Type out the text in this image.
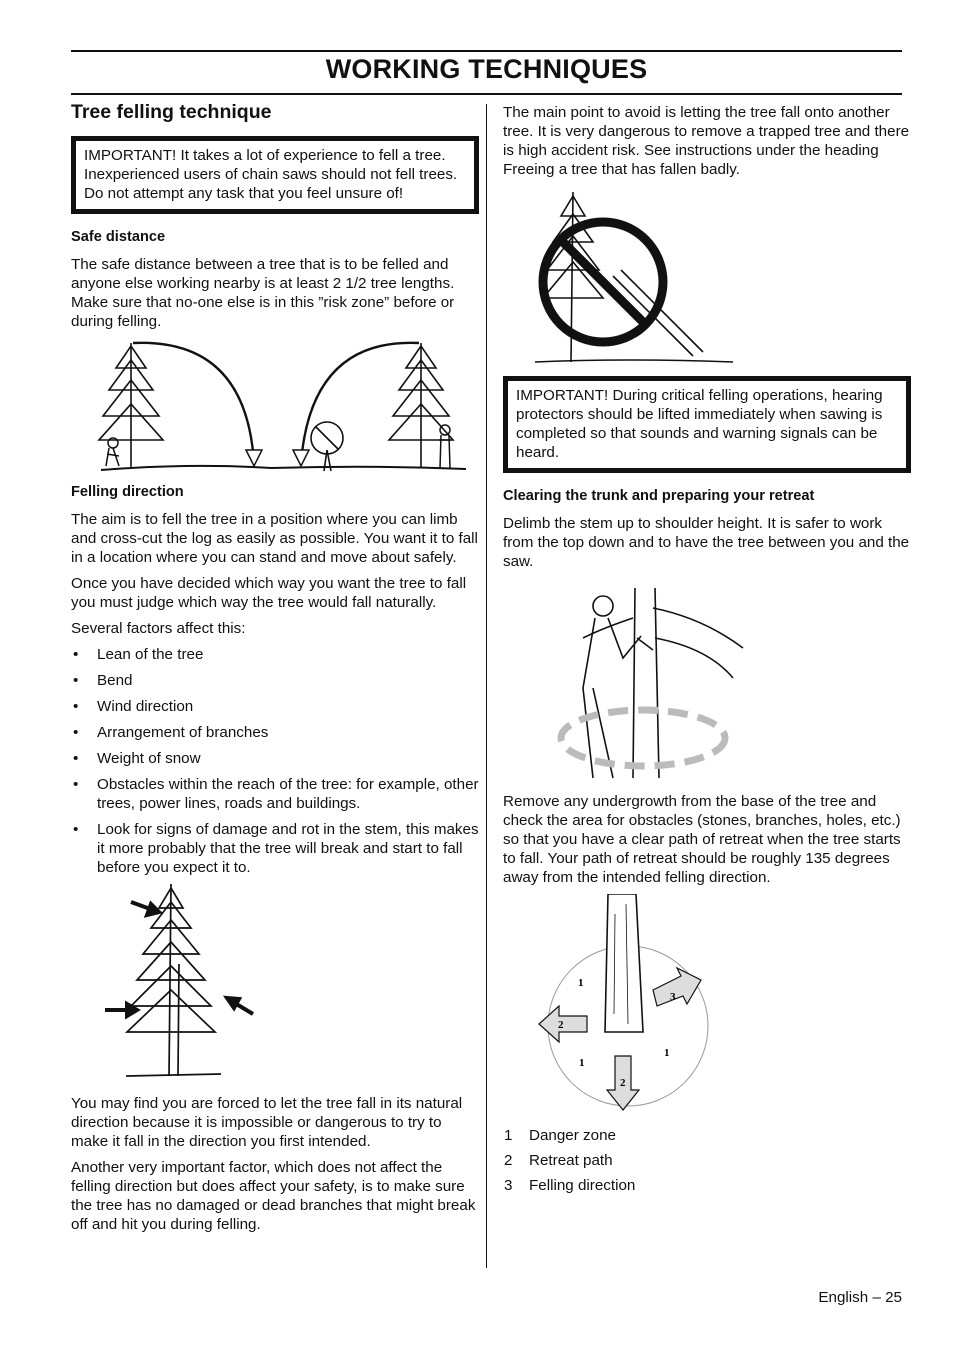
WORKING TECHNIQUES
Tree felling technique
IMPORTANT! It takes a lot of experience to fell a tree. Inexperienced users of chain saws should not fell trees. Do not attempt any task that you feel unsure of!
Safe distance
The safe distance between a tree that is to be felled and anyone else working nearby is at least 2 1/2 tree lengths. Make sure that no-one else is in this ”risk zone” before or during felling.
Felling direction
The aim is to fell the tree in a position where you can limb and cross-cut the log as easily as possible. You want it to fall in a location where you can stand and move about safely.
Once you have decided which way you want the tree to fall you must judge which way the tree would fall naturally.
Several factors affect this:
• Lean of the tree
• Bend
• Wind direction
• Arrangement of branches
• Weight of snow
• Obstacles within the reach of the tree: for example, other trees, power lines, roads and buildings.
• Look for signs of damage and rot in the stem, this makes it more probably that the tree will break and start to fall before you expect it to.
You may find you are forced to let the tree fall in its natural direction because it is impossible or dangerous to try to make it fall in the direction you first intended.
Another very important factor, which does not affect the felling direction but does affect your safety, is to make sure the tree has no damaged or dead branches that might break off and hit you during felling.
The main point to avoid is letting the tree fall onto another tree. It is very dangerous to remove a trapped tree and there is high accident risk. See instructions under the heading Freeing a tree that has fallen badly.
IMPORTANT! During critical felling operations, hearing protectors should be lifted immediately when sawing is completed so that sounds and warning signals can be heard.
Clearing the trunk and preparing your retreat
Delimb the stem up to shoulder height. It is safer to work from the top down and to have the tree between you and the saw.
Remove any undergrowth from the base of the tree and check the area for obstacles (stones, branches, holes, etc.) so that you have a clear path of retreat when the tree starts to fall. Your path of retreat should be roughly 135 degrees away from the intended felling direction.
1
2
1
3
1
2
1 Danger zone
2 Retreat path
3 Felling direction
English – 25
